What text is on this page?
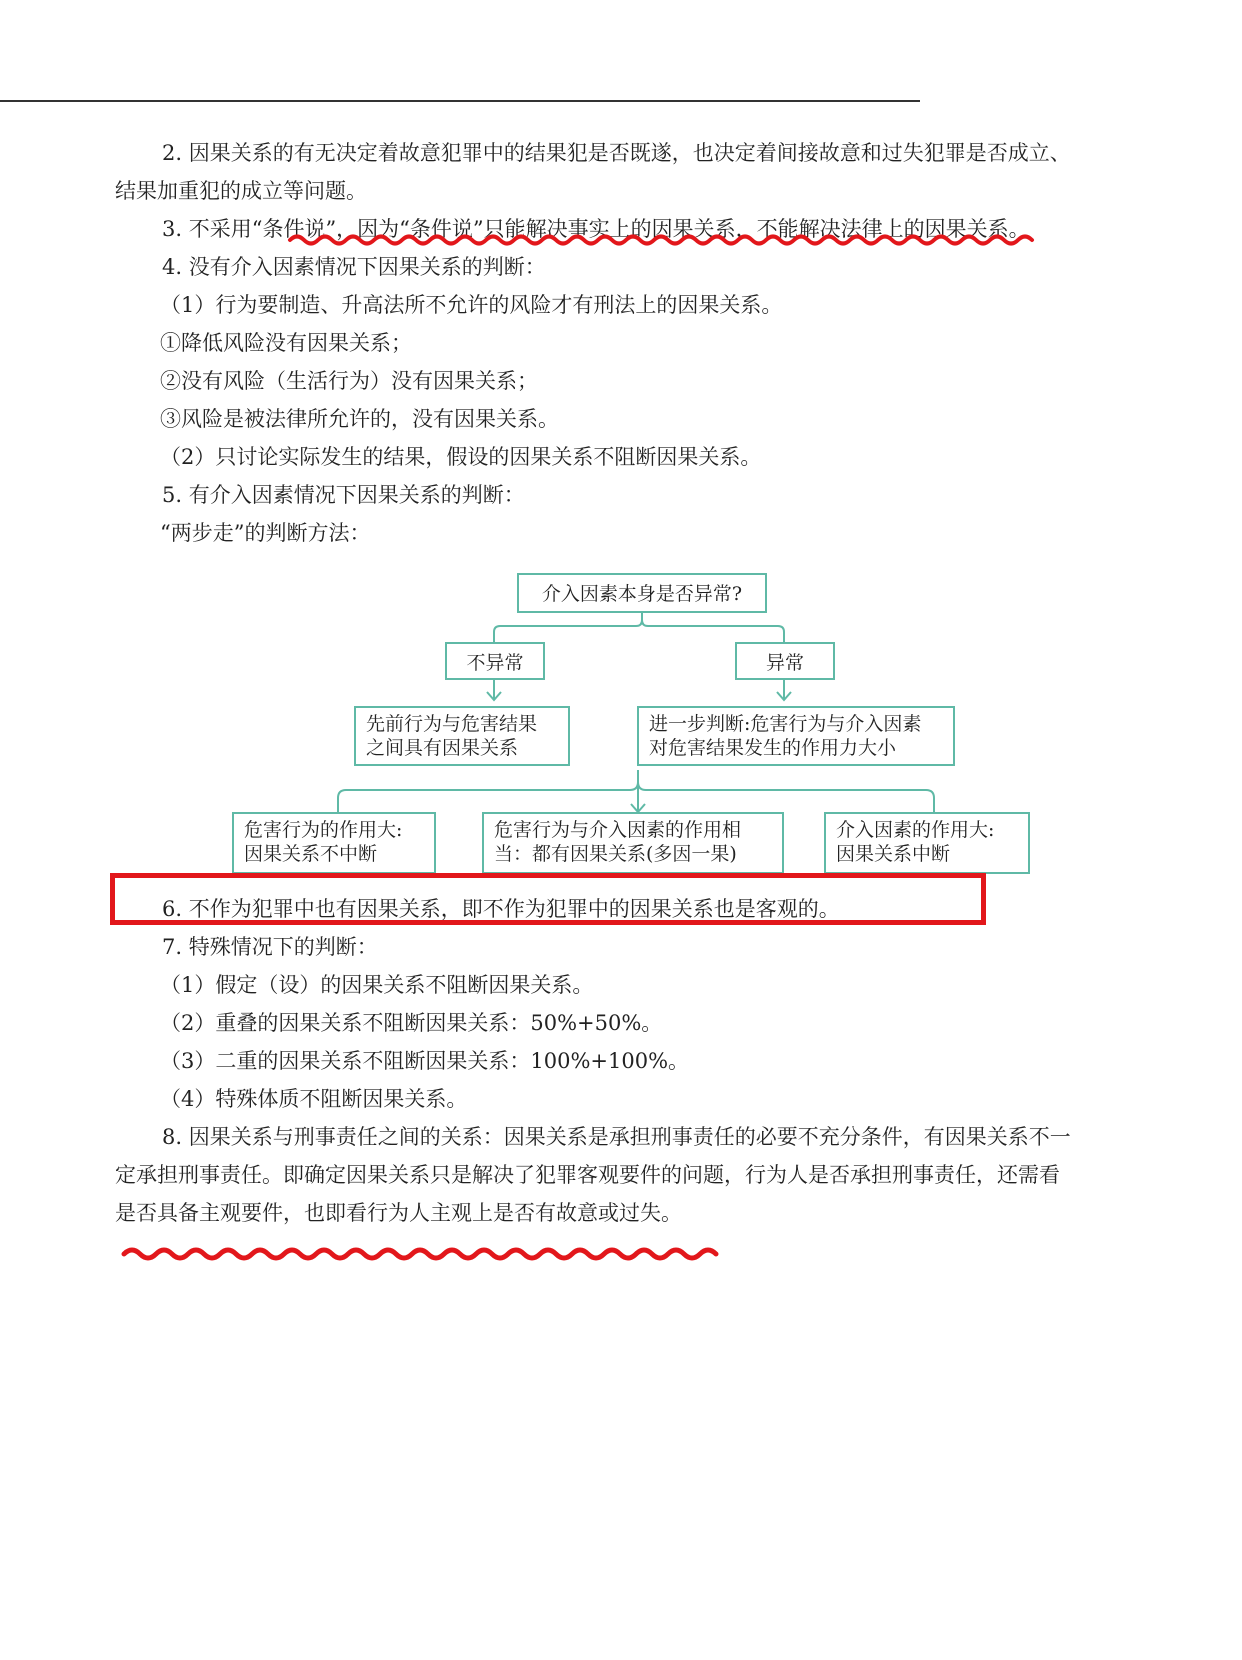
2. 因果关系的有无决定着故意犯罪中的结果犯是否既遂，也决定着间接故意和过失犯罪是否成立、

结果加重犯的成立等问题。

3. 不采用“条件说”，因为“条件说”只能解决事实上的因果关系，不能解决法律上的因果关系。

4. 没有介入因素情况下因果关系的判断：

（1）行为要制造、升高法所不允许的风险才有刑法上的因果关系。

①降低风险没有因果关系；

②没有风险（生活行为）没有因果关系；

③风险是被法律所允许的，没有因果关系。

（2）只讨论实际发生的结果，假设的因果关系不阻断因果关系。

5. 有介入因素情况下因果关系的判断：

“两步走”的判断方法：

介入因素本身是否异常?
不异常	异常
先前行为与危害结果
之间具有因果关系
进一步判断:危害行为与介入因素
对危害结果发生的作用力大小
危害行为的作用大:
因果关系不中断
危害行为与介入因素的作用相
当：都有因果关系(多因一果)
介入因素的作用大:
因果关系中断

6. 不作为犯罪中也有因果关系，即不作为犯罪中的因果关系也是客观的。

7. 特殊情况下的判断：

（1）假定（设）的因果关系不阻断因果关系。

（2）重叠的因果关系不阻断因果关系：50%+50%。

（3）二重的因果关系不阻断因果关系：100%+100%。

（4）特殊体质不阻断因果关系。

8. 因果关系与刑事责任之间的关系：因果关系是承担刑事责任的必要不充分条件，有因果关系不一

定承担刑事责任。即确定因果关系只是解决了犯罪客观要件的问题，行为人是否承担刑事责任，还需看

是否具备主观要件，也即看行为人主观上是否有故意或过失。
